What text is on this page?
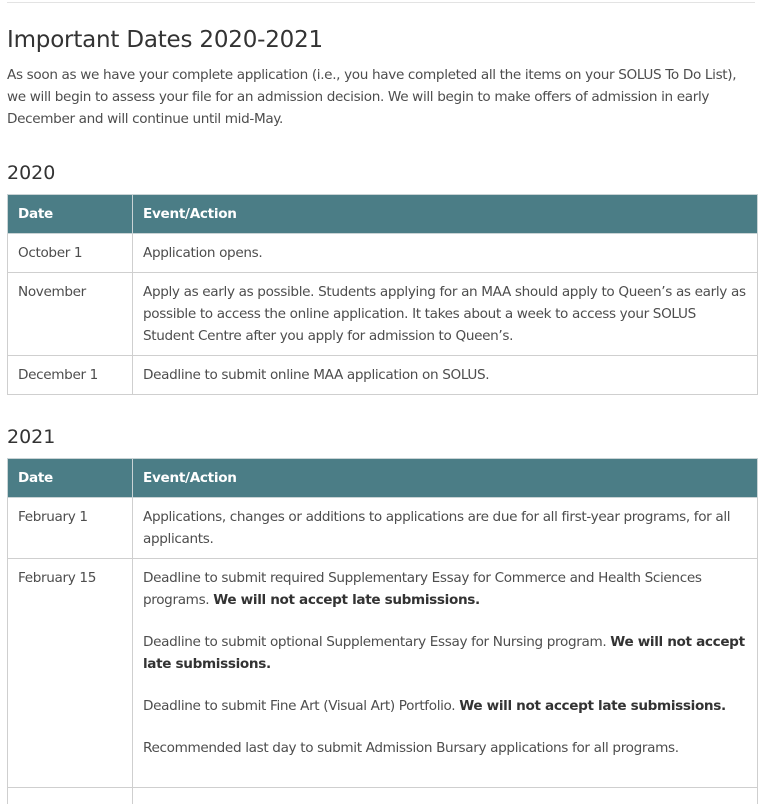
Important Dates 2020-2021

As soon as we have your complete application (i.e., you have completed all the items on your SOLUS To Do List), we will begin to assess your file for an admission decision. We will begin to make offers of admission in early December and will continue until mid-May.

2020
Date	Event/Action
October 1	Application opens.
November	Apply as early as possible. Students applying for an MAA should apply to Queen’s as early as possible to access the online application. It takes about a week to access your SOLUS Student Centre after you apply for admission to Queen’s.
December 1	Deadline to submit online MAA application on SOLUS.
2021
Date	Event/Action
February 1	Applications, changes or additions to applications are due for all first-year programs, for all applicants.
February 15	Deadline to submit required Supplementary Essay for Commerce and Health Sciences programs. We will not accept late submissions.

Deadline to submit optional Supplementary Essay for Nursing program. We will not accept late submissions.

Deadline to submit Fine Art (Visual Art) Portfolio. We will not accept late submissions.

Recommended last day to submit Admission Bursary applications for all programs.
